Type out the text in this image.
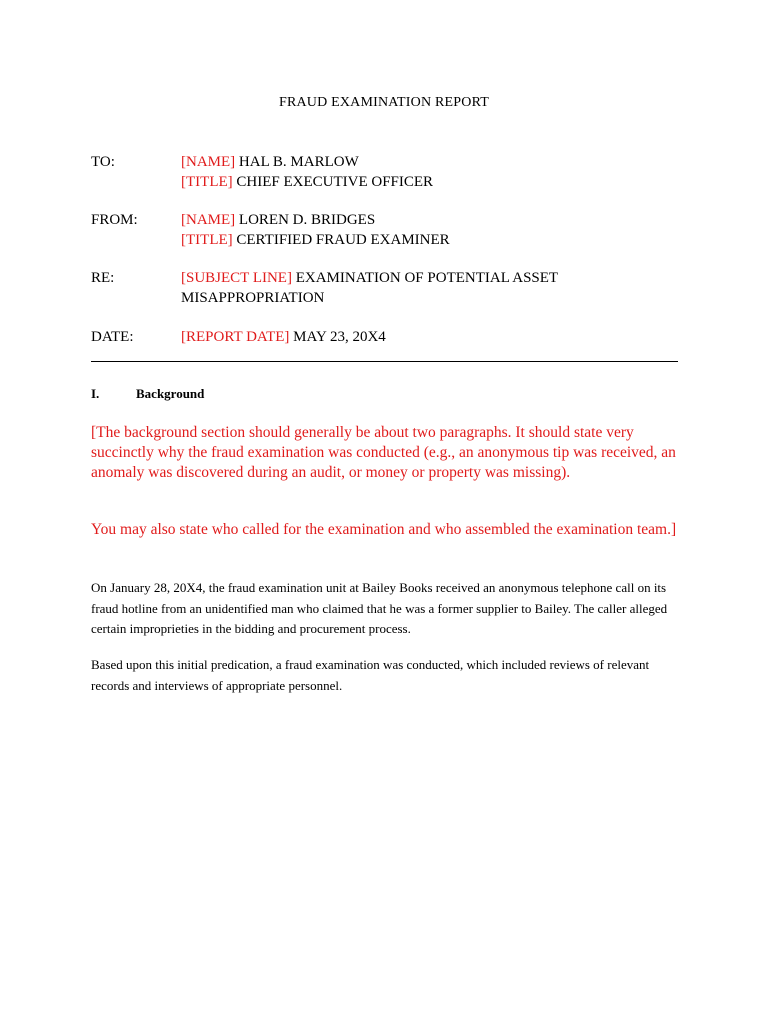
FRAUD EXAMINATION REPORT
TO:	[NAME] HAL B. MARLOW
[TITLE] CHIEF EXECUTIVE OFFICER
FROM:	[NAME] LOREN D. BRIDGES
[TITLE] CERTIFIED FRAUD EXAMINER
RE:	[SUBJECT LINE] EXAMINATION OF POTENTIAL ASSET MISAPPROPRIATION
DATE:	[REPORT DATE] MAY 23, 20X4
I.	Background
[The background section should generally be about two paragraphs. It should state very succinctly why the fraud examination was conducted (e.g., an anonymous tip was received, an anomaly was discovered during an audit, or money or property was missing).
You may also state who called for the examination and who assembled the examination team.]
On January 28, 20X4, the fraud examination unit at Bailey Books received an anonymous telephone call on its fraud hotline from an unidentified man who claimed that he was a former supplier to Bailey. The caller alleged certain improprieties in the bidding and procurement process.
Based upon this initial predication, a fraud examination was conducted, which included reviews of relevant records and interviews of appropriate personnel.
